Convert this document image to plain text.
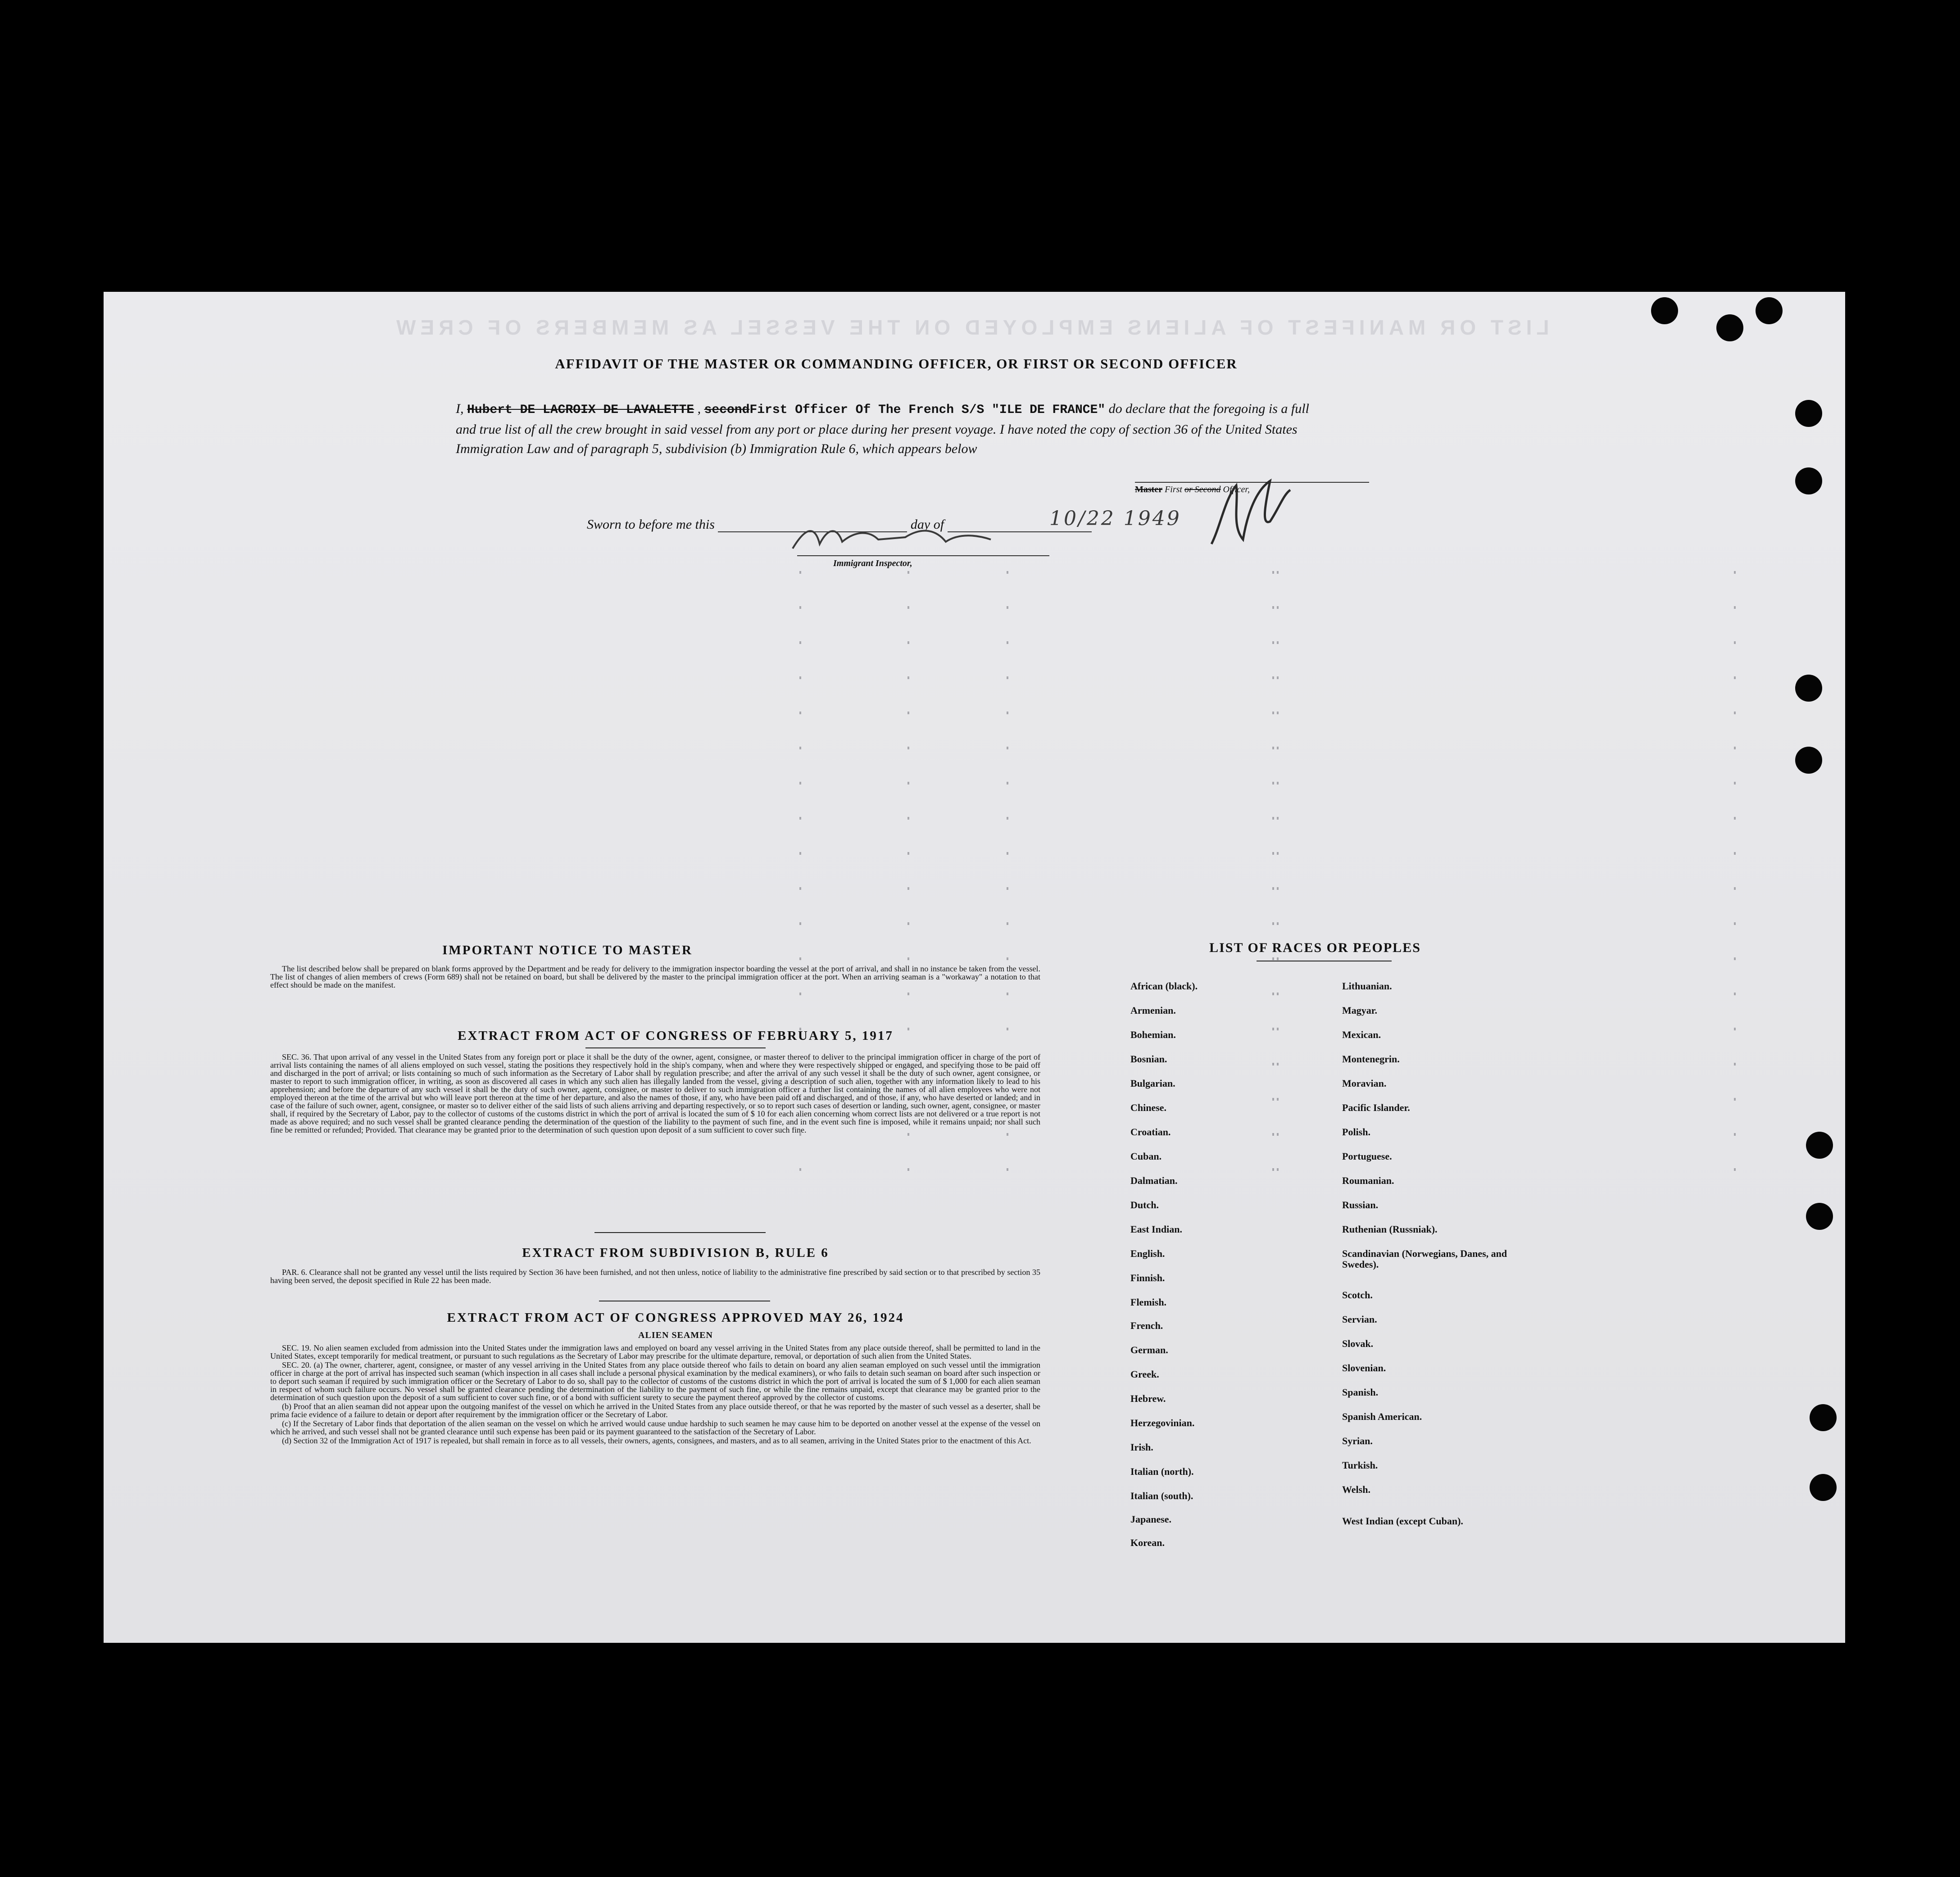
LIST OR MANIFEST OF ALIENS EMPLOYED ON THE VESSEL AS MEMBERS OF CREW
AFFIDAVIT OF THE MASTER OR COMMANDING OFFICER, OR FIRST OR SECOND OFFICER
I, Hubert DE LACROIX DE LAVALETTE , secondFirst Officer Of The French S/S "ILE DE FRANCE" do declare that the foregoing is a full and true list of all the crew brought in said vessel from any port or place during her present voyage. I have noted the copy of section 36 of the United States Immigration Law and of paragraph 5, subdivision (b) Immigration Rule 6, which appears below
Master First or Second Officer,
Sworn to before me this	day of	10/22 1949
Immigrant Inspector,
IMPORTANT NOTICE TO MASTER

The list described below shall be prepared on blank forms approved by the Department and be ready for delivery to the immigration inspector boarding the vessel at the port of arrival, and shall in no instance be taken from the vessel. The list of changes of alien members of crews (Form 689) shall not be retained on board, but shall be delivered by the master to the principal immigration officer at the port. When an arriving seaman is a "workaway" a notation to that effect should be made on the manifest.

EXTRACT FROM ACT OF CONGRESS OF FEBRUARY 5, 1917

SEC. 36. That upon arrival of any vessel in the United States from any foreign port or place it shall be the duty of the owner, agent, consignee, or master thereof to deliver to the principal immigration officer in charge of the port of arrival lists containing the names of all aliens employed on such vessel, stating the positions they respectively hold in the ship's company, when and where they were respectively shipped or engaged, and specifying those to be paid off and discharged in the port of arrival; or lists containing so much of such information as the Secretary of Labor shall by regulation prescribe; and after the arrival of any such vessel it shall be the duty of such owner, agent consignee, or master to report to such immigration officer, in writing, as soon as discovered all cases in which any such alien has illegally landed from the vessel, giving a description of such alien, together with any information likely to lead to his apprehension; and before the departure of any such vessel it shall be the duty of such owner, agent, consignee, or master to deliver to such immigration officer a further list containing the names of all alien employees who were not employed thereon at the time of the arrival but who will leave port thereon at the time of her departure, and also the names of those, if any, who have been paid off and discharged, and of those, if any, who have deserted or landed; and in case of the failure of such owner, agent, consignee, or master so to deliver either of the said lists of such aliens arriving and departing respectively, or so to report such cases of desertion or landing, such owner, agent, consignee, or master shall, if required by the Secretary of Labor, pay to the collector of customs of the customs district in which the port of arrival is located the sum of $ 10 for each alien concerning whom correct lists are not delivered or a true report is not made as above required; and no such vessel shall be granted clearance pending the determination of the question of the liability to the payment of such fine, and in the event such fine is imposed, while it remains unpaid; nor shall such fine be remitted or refunded; Provided. That clearance may be granted prior to the determination of such question upon deposit of a sum sufficient to cover such fine.

EXTRACT FROM SUBDIVISION B, RULE 6

PAR. 6. Clearance shall not be granted any vessel until the lists required by Section 36 have been furnished, and not then unless, notice of liability to the administrative fine prescribed by said section or to that prescribed by section 35 having been served, the deposit specified in Rule 22 has been made.

EXTRACT FROM ACT OF CONGRESS APPROVED MAY 26, 1924
ALIEN SEAMEN

SEC. 19. No alien seamen excluded from admission into the United States under the immigration laws and employed on board any vessel arriving in the United States from any place outside thereof, shall be permitted to land in the United States, except temporarily for medical treatment, or pursuant to such regulations as the Secretary of Labor may prescribe for the ultimate departure, removal, or deportation of such alien from the United States.

SEC. 20. (a) The owner, charterer, agent, consignee, or master of any vessel arriving in the United States from any place outside thereof who fails to detain on board any alien seaman employed on such vessel until the immigration officer in charge at the port of arrival has inspected such seaman (which inspection in all cases shall include a personal physical examination by the medical examiners), or who fails to detain such seaman on board after such inspection or to deport such seaman if required by such immigration officer or the Secretary of Labor to do so, shall pay to the collector of customs of the customs district in which the port of arrival is located the sum of $ 1,000 for each alien seaman in respect of whom such failure occurs. No vessel shall be granted clearance pending the determination of the liability to the payment of such fine, or while the fine remains unpaid, except that clearance may be granted prior to the determination of such question upon the deposit of a sum sufficient to cover such fine, or of a bond with sufficient surety to secure the payment thereof approved by the collector of customs.

(b) Proof that an alien seaman did not appear upon the outgoing manifest of the vessel on which he arrived in the United States from any place outside thereof, or that he was reported by the master of such vessel as a deserter, shall be prima facie evidence of a failure to detain or deport after requirement by the immigration officer or the Secretary of Labor.

(c) If the Secretary of Labor finds that deportation of the alien seaman on the vessel on which he arrived would cause undue hardship to such seamen he may cause him to be deported on another vessel at the expense of the vessel on which he arrived, and such vessel shall not be granted clearance until such expense has been paid or its payment guaranteed to the satisfaction of the Secretary of Labor.

(d) Section 32 of the Immigration Act of 1917 is repealed, but shall remain in force as to all vessels, their owners, agents, consignees, and masters, and as to all seamen, arriving in the United States prior to the enactment of this Act.

LIST OF RACES OR PEOPLES
African (black).
Armenian.
Bohemian.
Bosnian.
Bulgarian.
Chinese.
Croatian.
Cuban.
Dalmatian.
Dutch.
East Indian.
English.
Finnish.
Flemish.
French.
German.
Greek.
Hebrew.
Herzegovinian.
Irish.
Italian (north).
Italian (south).
Japanese.
Korean.
Lithuanian.
Magyar.
Mexican.
Montenegrin.
Moravian.
Pacific Islander.
Polish.
Portuguese.
Roumanian.
Russian.
Ruthenian (Russniak).
Scandinavian (Norwegians, Danes, and Swedes).
Scotch.
Servian.
Slovak.
Slovenian.
Spanish.
Spanish American.
Syrian.
Turkish.
Welsh.
West Indian (except Cuban).
